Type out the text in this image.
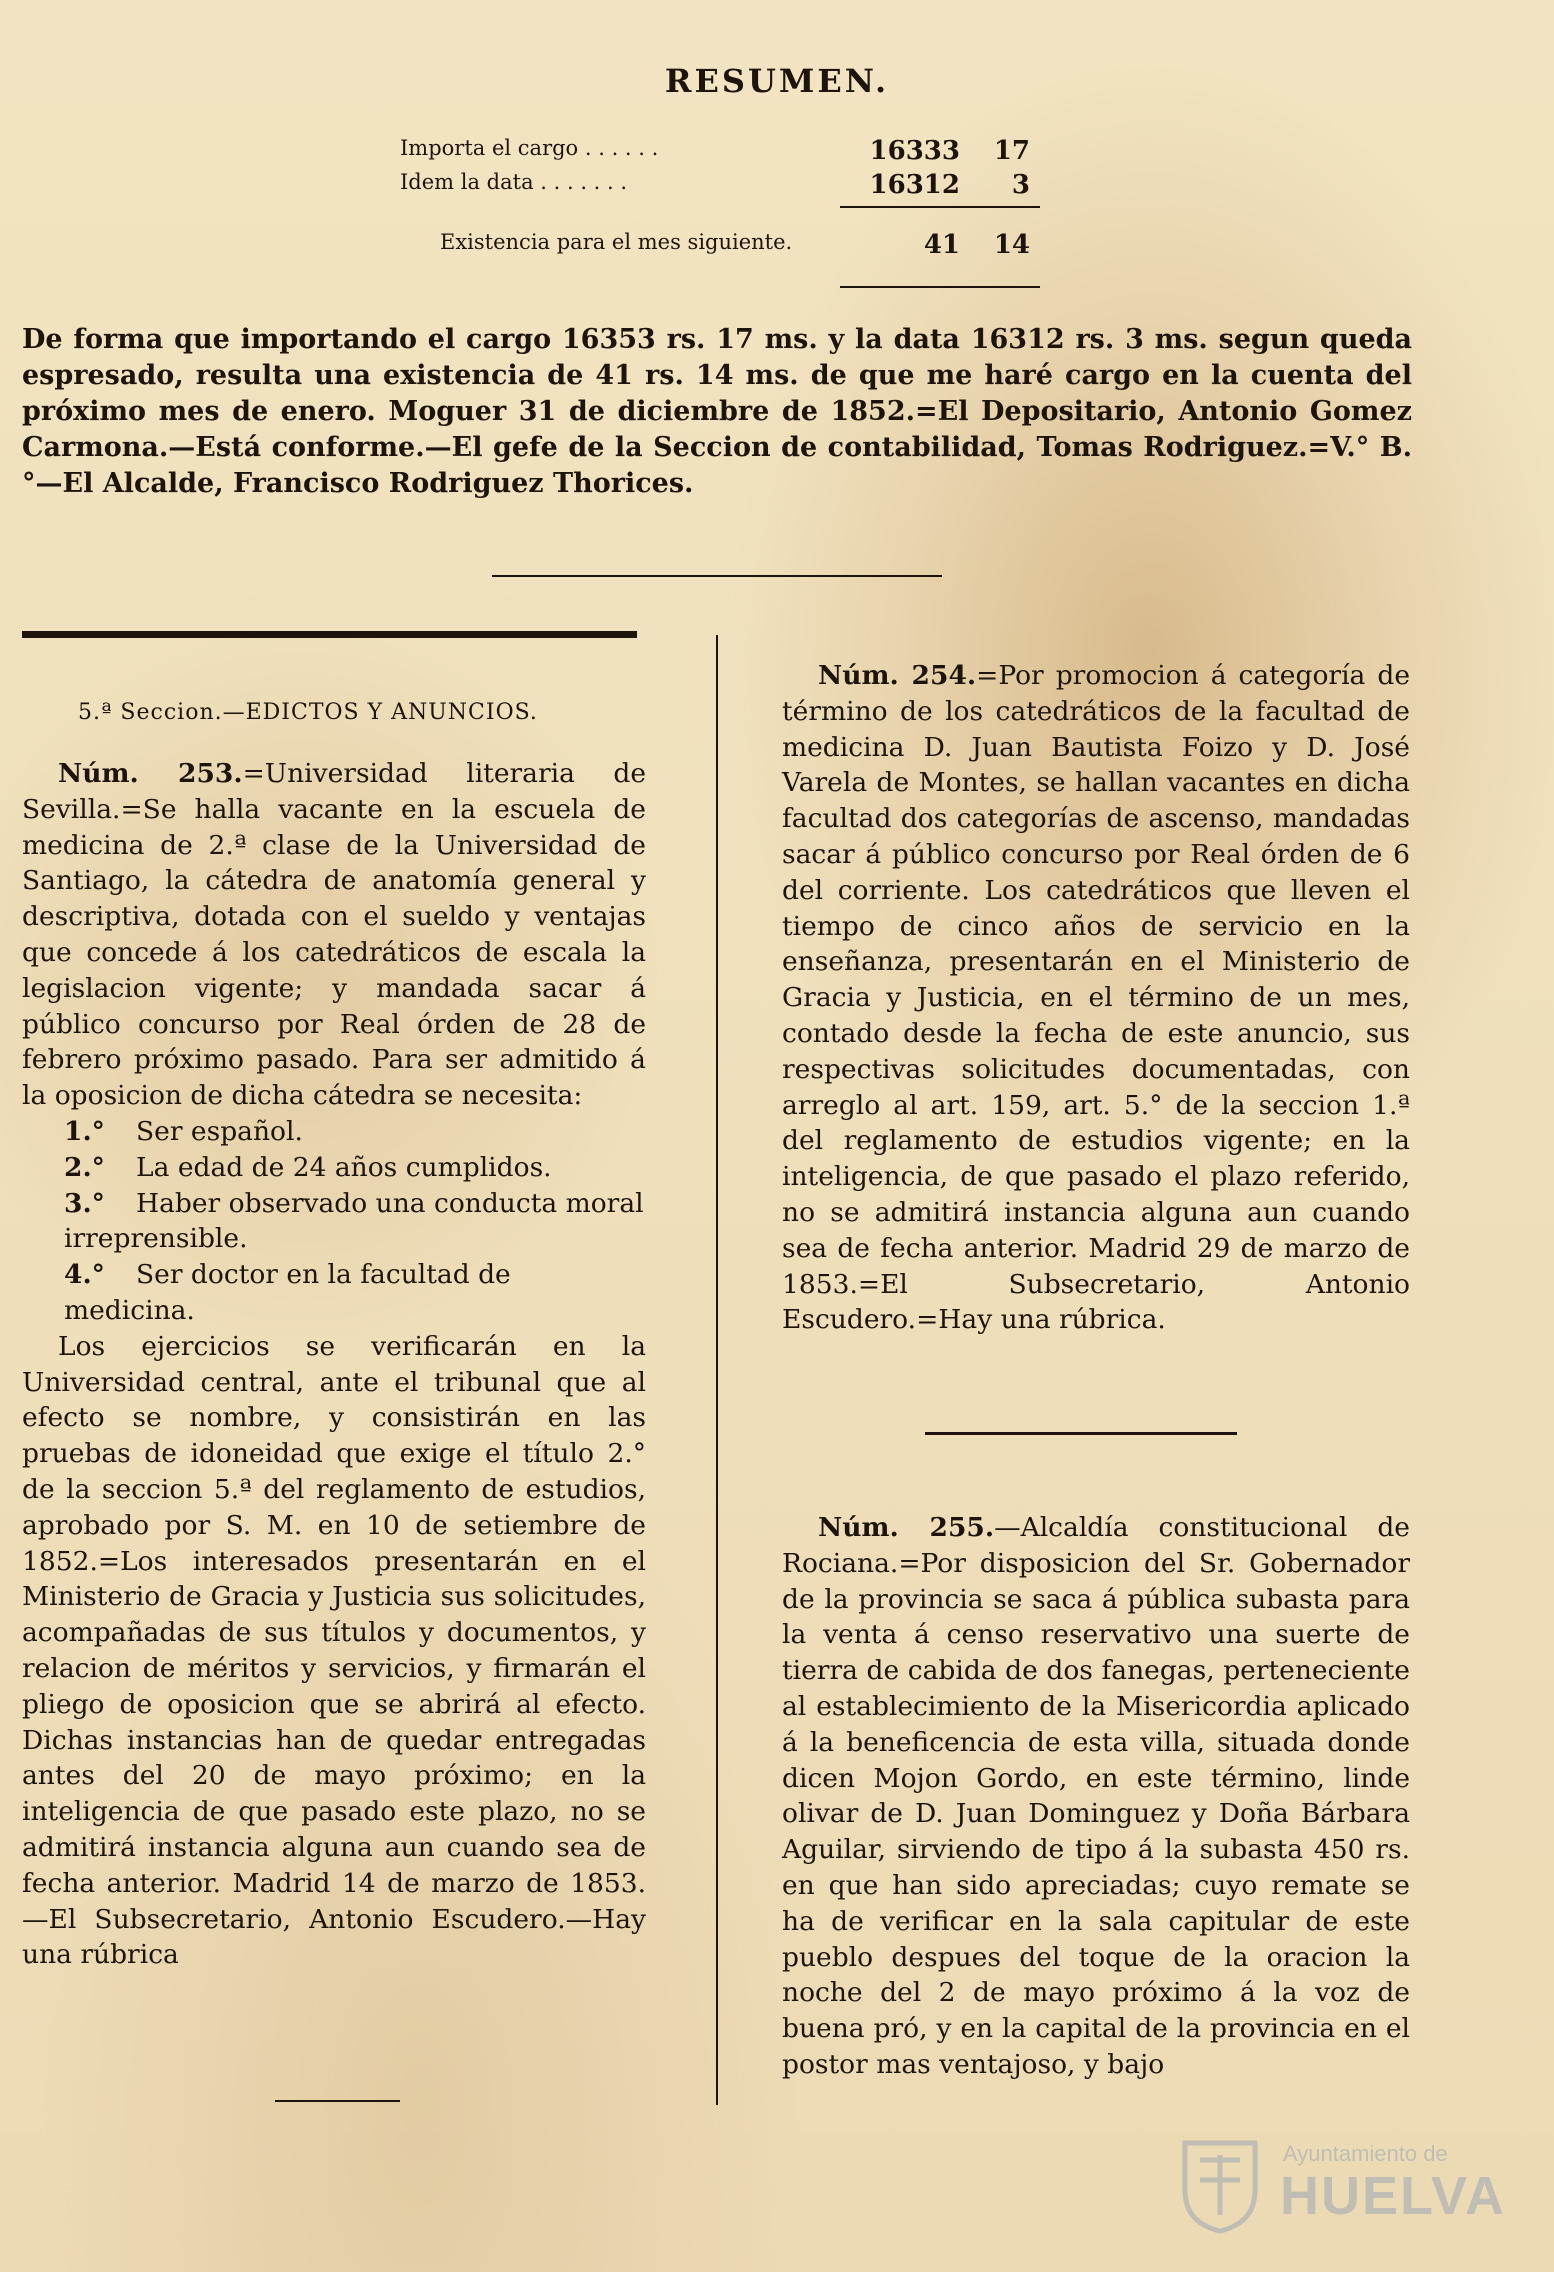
RESUMEN.
Importa el cargo . . . . . .	16333	17
Idem la data . . . . . . .	16312	3
Existencia para el mes siguiente.	41	14
De forma que importando el cargo 16353 rs. 17 ms. y la data 16312 rs. 3 ms. segun queda espresado, resulta una existencia de 41 rs. 14 ms. de que me haré cargo en la cuenta del próximo mes de enero. Moguer 31 de diciembre de 1852.=El Depositario, Antonio Gomez Carmona.—Está conforme.—El gefe de la Seccion de contabilidad, Tomas Rodriguez.=V.° B.°—El Alcalde, Francisco Rodriguez Thorices.
5.ª Seccion.—EDICTOS Y ANUNCIOS.

Núm. 253.=Universidad literaria de Sevilla.=Se halla vacante en la escuela de medicina de 2.ª clase de la Universidad de Santiago, la cátedra de anatomía general y descriptiva, dotada con el sueldo y ventajas que concede á los catedráticos de escala la legislacion vigente; y mandada sacar á público concurso por Real órden de 28 de febrero próximo pasado. Para ser admitido á la oposicion de dicha cátedra se necesita:

1.° Ser español.
2.° La edad de 24 años cumplidos.
3.° Haber observado una conducta moral irreprensible.
4.° Ser doctor en la facultad de medicina.

Los ejercicios se verificarán en la Universidad central, ante el tribunal que al efecto se nombre, y consistirán en las pruebas de idoneidad que exige el título 2.° de la seccion 5.ª del reglamento de estudios, aprobado por S. M. en 10 de setiembre de 1852.=Los interesados presentarán en el Ministerio de Gracia y Justicia sus solicitudes, acompañadas de sus títulos y documentos, y relacion de méritos y servicios, y firmarán el pliego de oposicion que se abrirá al efecto. Dichas instancias han de quedar entregadas antes del 20 de mayo próximo; en la inteligencia de que pasado este plazo, no se admitirá instancia alguna aun cuando sea de fecha anterior. Madrid 14 de marzo de 1853.—El Subsecretario, Antonio Escudero.—Hay una rúbrica

Núm. 254.=Por promocion á categoría de término de los catedráticos de la facultad de medicina D. Juan Bautista Foizo y D. José Varela de Montes, se hallan vacantes en dicha facultad dos categorías de ascenso, mandadas sacar á público concurso por Real órden de 6 del corriente. Los catedráticos que lleven el tiempo de cinco años de servicio en la enseñanza, presentarán en el Ministerio de Gracia y Justicia, en el término de un mes, contado desde la fecha de este anuncio, sus respectivas solicitudes documentadas, con arreglo al art. 159, art. 5.° de la seccion 1.ª del reglamento de estudios vigente; en la inteligencia, de que pasado el plazo referido, no se admitirá instancia alguna aun cuando sea de fecha anterior. Madrid 29 de marzo de 1853.=El Subsecretario, Antonio Escudero.=Hay una rúbrica.

Núm. 255.—Alcaldía constitucional de Rociana.=Por disposicion del Sr. Gobernador de la provincia se saca á pública subasta para la venta á censo reservativo una suerte de tierra de cabida de dos fanegas, perteneciente al establecimiento de la Misericordia aplicado á la beneficencia de esta villa, situada donde dicen Mojon Gordo, en este término, linde olivar de D. Juan Dominguez y Doña Bárbara Aguilar, sirviendo de tipo á la subasta 450 rs. en que han sido apreciadas; cuyo remate se ha de verificar en la sala capitular de este pueblo despues del toque de la oracion la noche del 2 de mayo próximo á la voz de buena pró, y en la capital de la provincia en el postor mas ventajoso, y bajo

Ayuntamiento de
HUELVA
